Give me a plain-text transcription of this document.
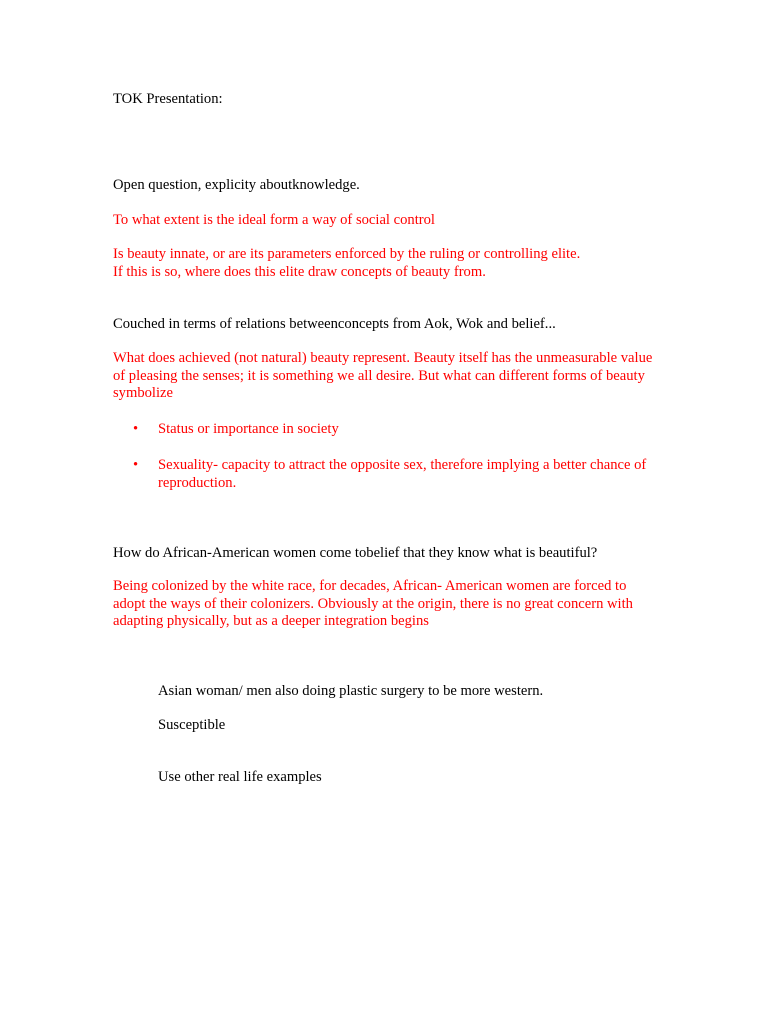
TOK Presentation:

Open question, explicity aboutknowledge.

To what extent is the ideal form a way of social control

Is beauty innate, or are its parameters enforced by the ruling or controlling elite.

If this is so, where does this elite draw concepts of beauty from.

Couched in terms of relations betweenconcepts from Aok, Wok and belief...

What does achieved (not natural) beauty represent. Beauty itself has the unmeasurable value of pleasing the senses; it is something we all desire. But what can different forms of beauty symbolize

•	Status or importance in society

•	Sexuality- capacity to attract the opposite sex, therefore implying a better chance of reproduction.

How do African-American women come tobelief that they know what is beautiful?

Being colonized by the white race, for decades, African- American women are forced to adopt the ways of their colonizers. Obviously at the origin, there is no great concern with adapting physically, but as a deeper integration begins

Asian woman/ men also doing plastic surgery to be more western.

Susceptible

Use other real life examples
